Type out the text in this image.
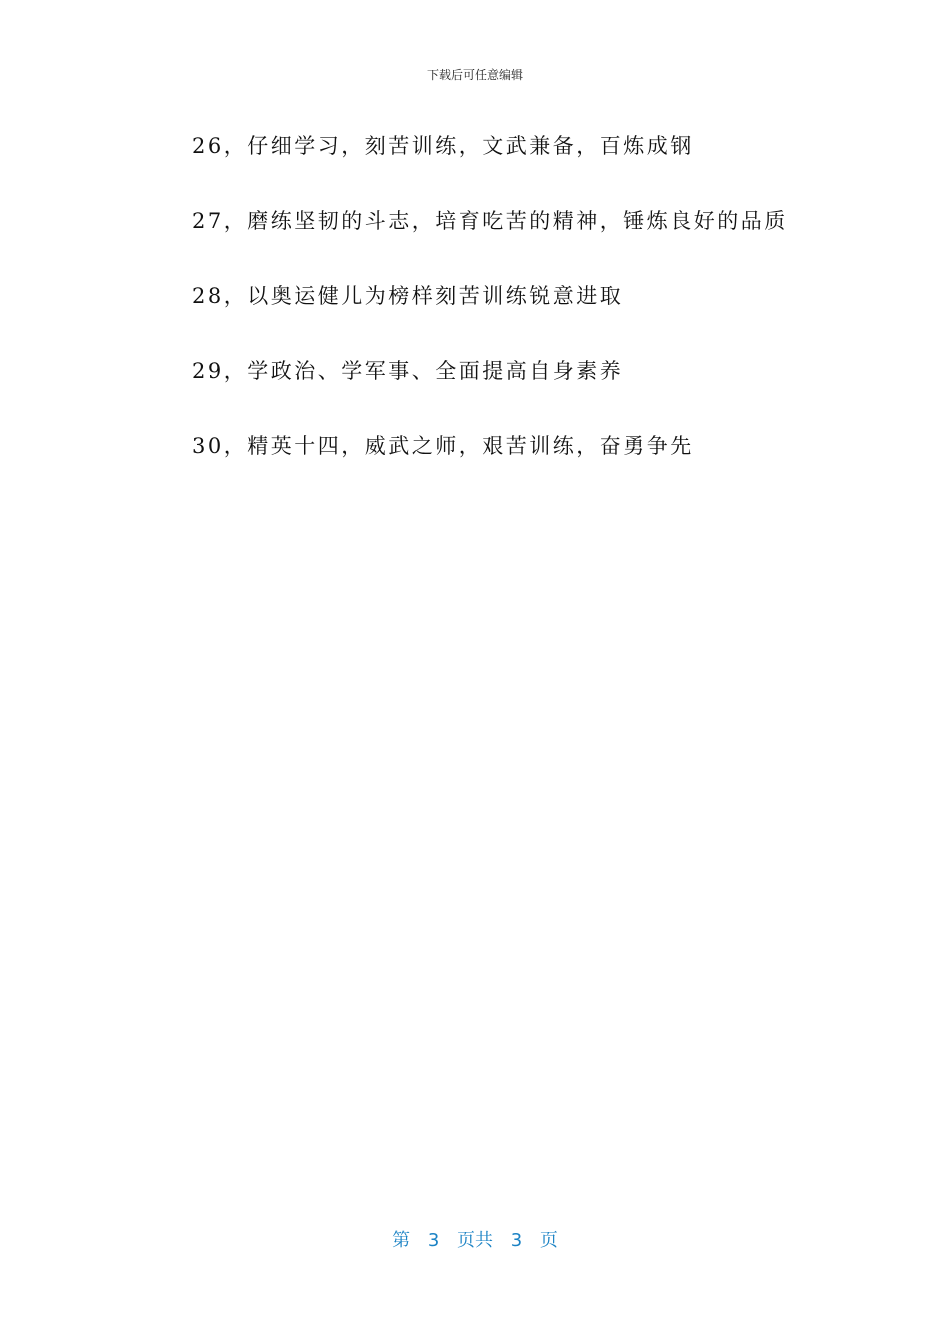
下载后可任意编辑
26，仔细学习，刻苦训练，文武兼备，百炼成钢
27，磨练坚韧的斗志，培育吃苦的精神，锤炼良好的品质
28，以奥运健儿为榜样刻苦训练锐意进取
29，学政治、学军事、全面提高自身素养
30，精英十四，威武之师，艰苦训练，奋勇争先
第 3 页共 3 页
